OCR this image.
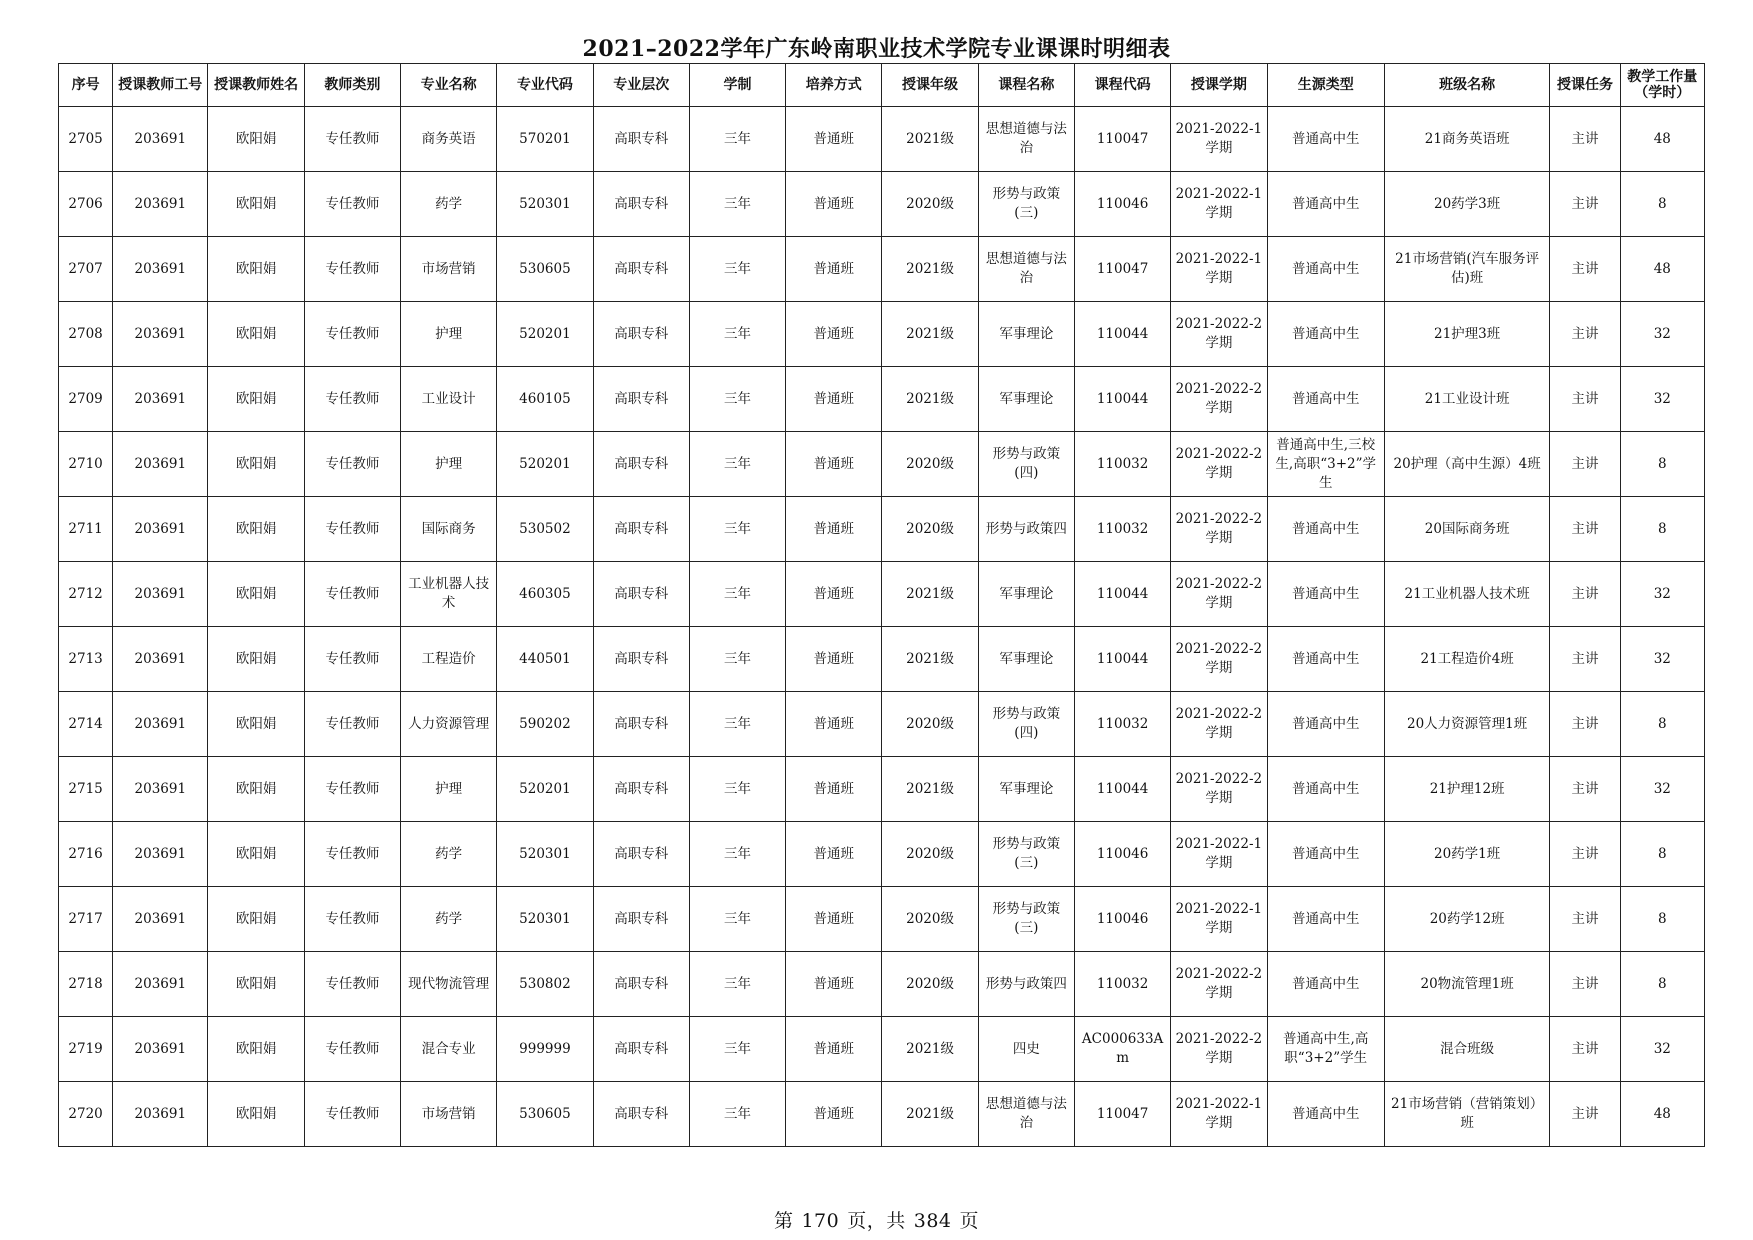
2021–2022学年广东岭南职业技术学院专业课课时明细表
序号	授课教师工号	授课教师姓名	教师类别	专业名称	专业代码	专业层次	学制	培养方式	授课年级	课程名称	课程代码	授课学期	生源类型	班级名称	授课任务	教学工作量（学时）
2705	203691	欧阳娟	专任教师	商务英语	570201	高职专科	三年	普通班	2021级	思想道德与法治	110047	2021-2022-1学期	普通高中生	21商务英语班	主讲	48
2706	203691	欧阳娟	专任教师	药学	520301	高职专科	三年	普通班	2020级	形势与政策(三)	110046	2021-2022-1学期	普通高中生	20药学3班	主讲	8
2707	203691	欧阳娟	专任教师	市场营销	530605	高职专科	三年	普通班	2021级	思想道德与法治	110047	2021-2022-1学期	普通高中生	21市场营销(汽车服务评估)班	主讲	48
2708	203691	欧阳娟	专任教师	护理	520201	高职专科	三年	普通班	2021级	军事理论	110044	2021-2022-2学期	普通高中生	21护理3班	主讲	32
2709	203691	欧阳娟	专任教师	工业设计	460105	高职专科	三年	普通班	2021级	军事理论	110044	2021-2022-2学期	普通高中生	21工业设计班	主讲	32
2710	203691	欧阳娟	专任教师	护理	520201	高职专科	三年	普通班	2020级	形势与政策(四)	110032	2021-2022-2学期	普通高中生,三校生,高职“3+2”学生	20护理（高中生源）4班	主讲	8
2711	203691	欧阳娟	专任教师	国际商务	530502	高职专科	三年	普通班	2020级	形势与政策四	110032	2021-2022-2学期	普通高中生	20国际商务班	主讲	8
2712	203691	欧阳娟	专任教师	工业机器人技术	460305	高职专科	三年	普通班	2021级	军事理论	110044	2021-2022-2学期	普通高中生	21工业机器人技术班	主讲	32
2713	203691	欧阳娟	专任教师	工程造价	440501	高职专科	三年	普通班	2021级	军事理论	110044	2021-2022-2学期	普通高中生	21工程造价4班	主讲	32
2714	203691	欧阳娟	专任教师	人力资源管理	590202	高职专科	三年	普通班	2020级	形势与政策(四)	110032	2021-2022-2学期	普通高中生	20人力资源管理1班	主讲	8
2715	203691	欧阳娟	专任教师	护理	520201	高职专科	三年	普通班	2021级	军事理论	110044	2021-2022-2学期	普通高中生	21护理12班	主讲	32
2716	203691	欧阳娟	专任教师	药学	520301	高职专科	三年	普通班	2020级	形势与政策(三)	110046	2021-2022-1学期	普通高中生	20药学1班	主讲	8
2717	203691	欧阳娟	专任教师	药学	520301	高职专科	三年	普通班	2020级	形势与政策(三)	110046	2021-2022-1学期	普通高中生	20药学12班	主讲	8
2718	203691	欧阳娟	专任教师	现代物流管理	530802	高职专科	三年	普通班	2020级	形势与政策四	110032	2021-2022-2学期	普通高中生	20物流管理1班	主讲	8
2719	203691	欧阳娟	专任教师	混合专业	999999	高职专科	三年	普通班	2021级	四史	AC000633Am	2021-2022-2学期	普通高中生,高职“3+2”学生	混合班级	主讲	32
2720	203691	欧阳娟	专任教师	市场营销	530605	高职专科	三年	普通班	2021级	思想道德与法治	110047	2021-2022-1学期	普通高中生	21市场营销（营销策划）班	主讲	48
第 170 页，共 384 页
